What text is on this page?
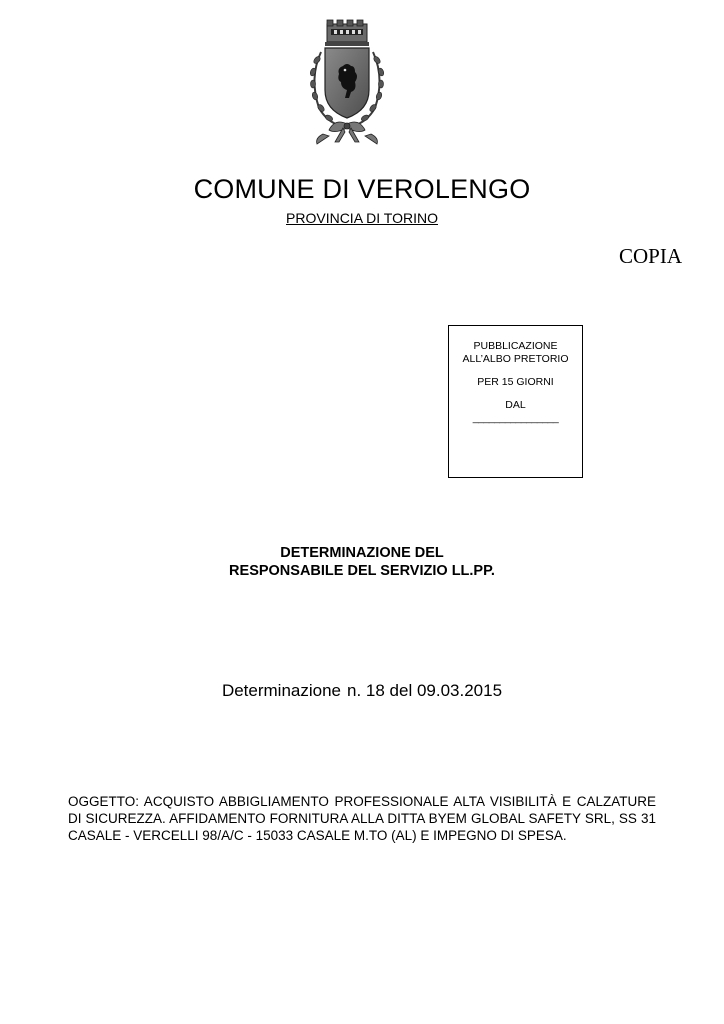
COMUNE DI VEROLENGO
PROVINCIA DI TORINO
COPIA
PUBBLICAZIONE
ALL’ALBO PRETORIO
PER 15 GIORNI
DAL
________________
DETERMINAZIONE DEL
RESPONSABILE DEL SERVIZIO LL.PP.
Determinazione n. 18 del 09.03.2015
OGGETTO: ACQUISTO ABBIGLIAMENTO PROFESSIONALE ALTA VISIBILITÀ E CALZATURE DI SICUREZZA. AFFIDAMENTO FORNITURA ALLA DITTA BYEM GLOBAL SAFETY SRL, SS 31 CASALE - VERCELLI 98/A/C - 15033 CASALE M.TO (AL) E IMPEGNO DI SPESA.
